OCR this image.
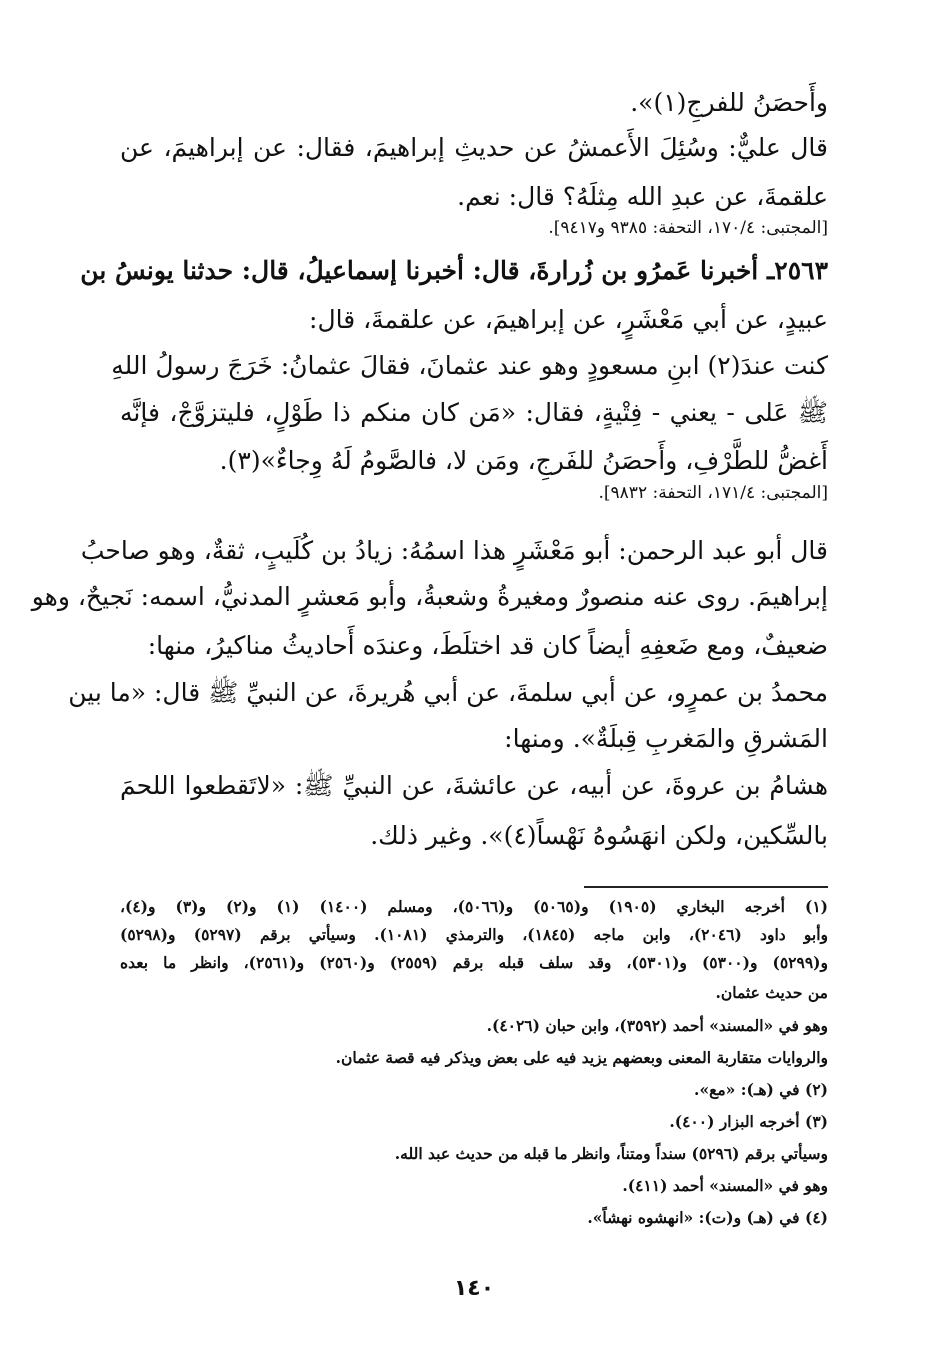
وأَحصَنُ للفرجِ(١)».
قال عليٌّ: وسُئِلَ الأَعمشُ عن حديثِ إبراهيمَ، فقال: عن إبراهيمَ، عن
علقمةَ، عن عبدِ الله مِثلَهُ؟ قال: نعم.
[المجتبى: ١٧٠/٤، التحفة: ٩٣٨٥ و٩٤١٧].
٢٥٦٣ـ أخبرنا عَمرُو بن زُرارةَ، قال: أخبرنا إسماعيلُ، قال: حدثنا يونسُ بن
عبيدٍ، عن أبي مَعْشَرٍ، عن إبراهيمَ، عن علقمةَ، قال:
كنت عندَ(٢) ابنِ مسعودٍ وهو عند عثمانَ، فقالَ عثمانُ: خَرَجَ رسولُ اللهِ
ﷺ عَلى - يعني - فِتْيةٍ، فقال: «مَن كان منكم ذا طَوْلٍ، فليتزوَّجْ، فإنَّه
أَغضُّ للطَّرْفِ، وأَحصَنُ للفَرجِ، ومَن لا، فالصَّومُ لَهُ وِجاءٌ»(٣).
[المجتبى: ١٧١/٤، التحفة: ٩٨٣٢].
قال أبو عبد الرحمن: أبو مَعْشَرٍ هذا اسمُهُ: زيادُ بن كُلَيبٍ، ثقةٌ، وهو صاحبُ
إبراهيمَ. روى عنه منصورٌ ومغيرةُ وشعبةُ، وأبو مَعشرٍ المدنيُّ، اسمه: نَجيحٌ، وهو
ضعيفٌ، ومع ضَعفِهِ أيضاً كان قد اختلَطَ، وعندَه أَحاديثُ مناكيرُ، منها:
محمدُ بن عمرٍو، عن أبي سلمةَ، عن أبي هُريرةَ، عن النبيِّ ﷺ قال: «ما بين
المَشرقِ والمَغربِ قِبلَةٌ». ومنها:
هشامُ بن عروةَ، عن أبيه، عن عائشةَ، عن النبيِّ ﷺ: «لاتَقطعوا اللحمَ
بالسِّكين، ولكن انهَسُوهُ نَهْساً(٤)». وغير ذلك.
(١) أخرجه البخاري (١٩٠٥) و(٥٠٦٥) و(٥٠٦٦)، ومسلم (١٤٠٠) (١) و(٢) و(٣) و(٤)،
وأبو داود (٢٠٤٦)، وابن ماجه (١٨٤٥)، والترمذي (١٠٨١). وسيأتي برقم (٥٢٩٧) و(٥٢٩٨)
و(٥٢٩٩) و(٥٣٠٠) و(٥٣٠١)، وقد سلف قبله برقم (٢٥٥٩) و(٢٥٦٠) و(٢٥٦١)، وانظر ما بعده
من حديث عثمان.
وهو في «المسند» أحمد (٣٥٩٢)، وابن حبان (٤٠٢٦).
والروايات متقاربة المعنى وبعضهم يزيد فيه على بعض ويذكر فيه قصة عثمان.
(٢) في (هـ): «مع».
(٣) أخرجه البزار (٤٠٠).
وسيأتي برقم (٥٢٩٦) سنداً ومتناً، وانظر ما قبله من حديث عبد الله.
وهو في «المسند» أحمد (٤١١).
(٤) في (هـ) و(ت): «انهشوه نهشاً».
١٤٠
